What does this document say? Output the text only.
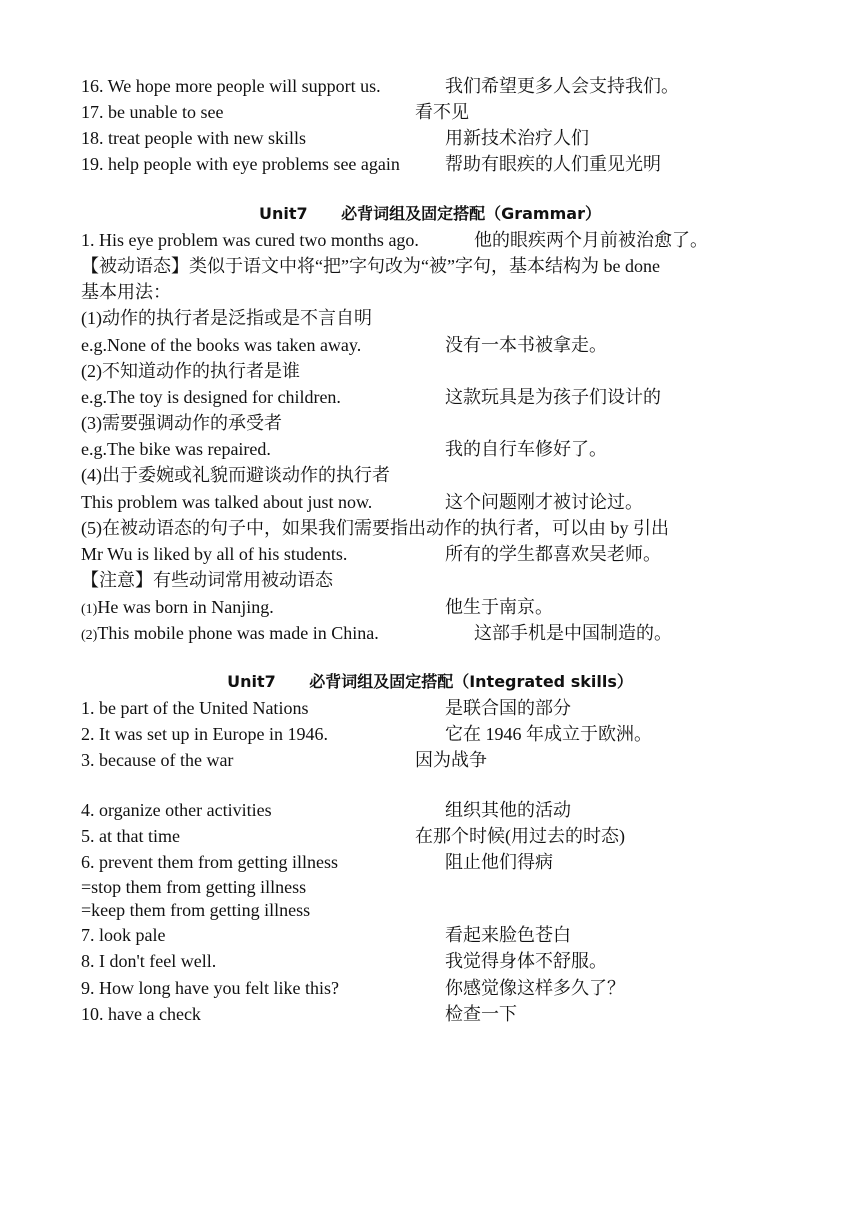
16. We hope more people will support us.	我们希望更多人会支持我们。
17. be unable to see	看不见
18. treat people with new skills	用新技术治疗人们
19. help people with eye problems see again	帮助有眼疾的人们重见光明
Unit7      必背词组及固定搭配（Grammar）
1. His eye problem was cured two months ago.	他的眼疾两个月前被治愈了。
【被动语态】类似于语文中将“把”字句改为“被”字句，基本结构为 be done
基本用法：
(1)动作的执行者是泛指或是不言自明
e.g.None of the books was taken away.	没有一本书被拿走。
(2)不知道动作的执行者是谁
e.g.The toy is designed for children.	这款玩具是为孩子们设计的
(3)需要强调动作的承受者
e.g.The bike was repaired.	我的自行车修好了。
(4)出于委婉或礼貌而避谈动作的执行者
This problem was talked about just now.	这个问题刚才被讨论过。
(5)在被动语态的句子中，如果我们需要指出动作的执行者，可以由 by 引出
Mr Wu is liked by all of his students.	所有的学生都喜欢吴老师。
【注意】有些动词常用被动语态
(1)He was born in Nanjing.	他生于南京。
(2)This mobile phone was made in China.	这部手机是中国制造的。
Unit7      必背词组及固定搭配（Integrated skills）
1. be part of the United Nations	是联合国的部分
2. It was set up in Europe in 1946.	它在 1946 年成立于欧洲。
3. because of the war	因为战争
4. organize other activities	组织其他的活动
5. at that time	在那个时候(用过去的时态)
6. prevent them from getting illness	阻止他们得病
=stop them from getting illness
=keep them from getting illness
7. look pale	看起来脸色苍白
8. I don't feel well.	我觉得身体不舒服。
9. How long have you felt like this?	你感觉像这样多久了？
10. have a check	检查一下
